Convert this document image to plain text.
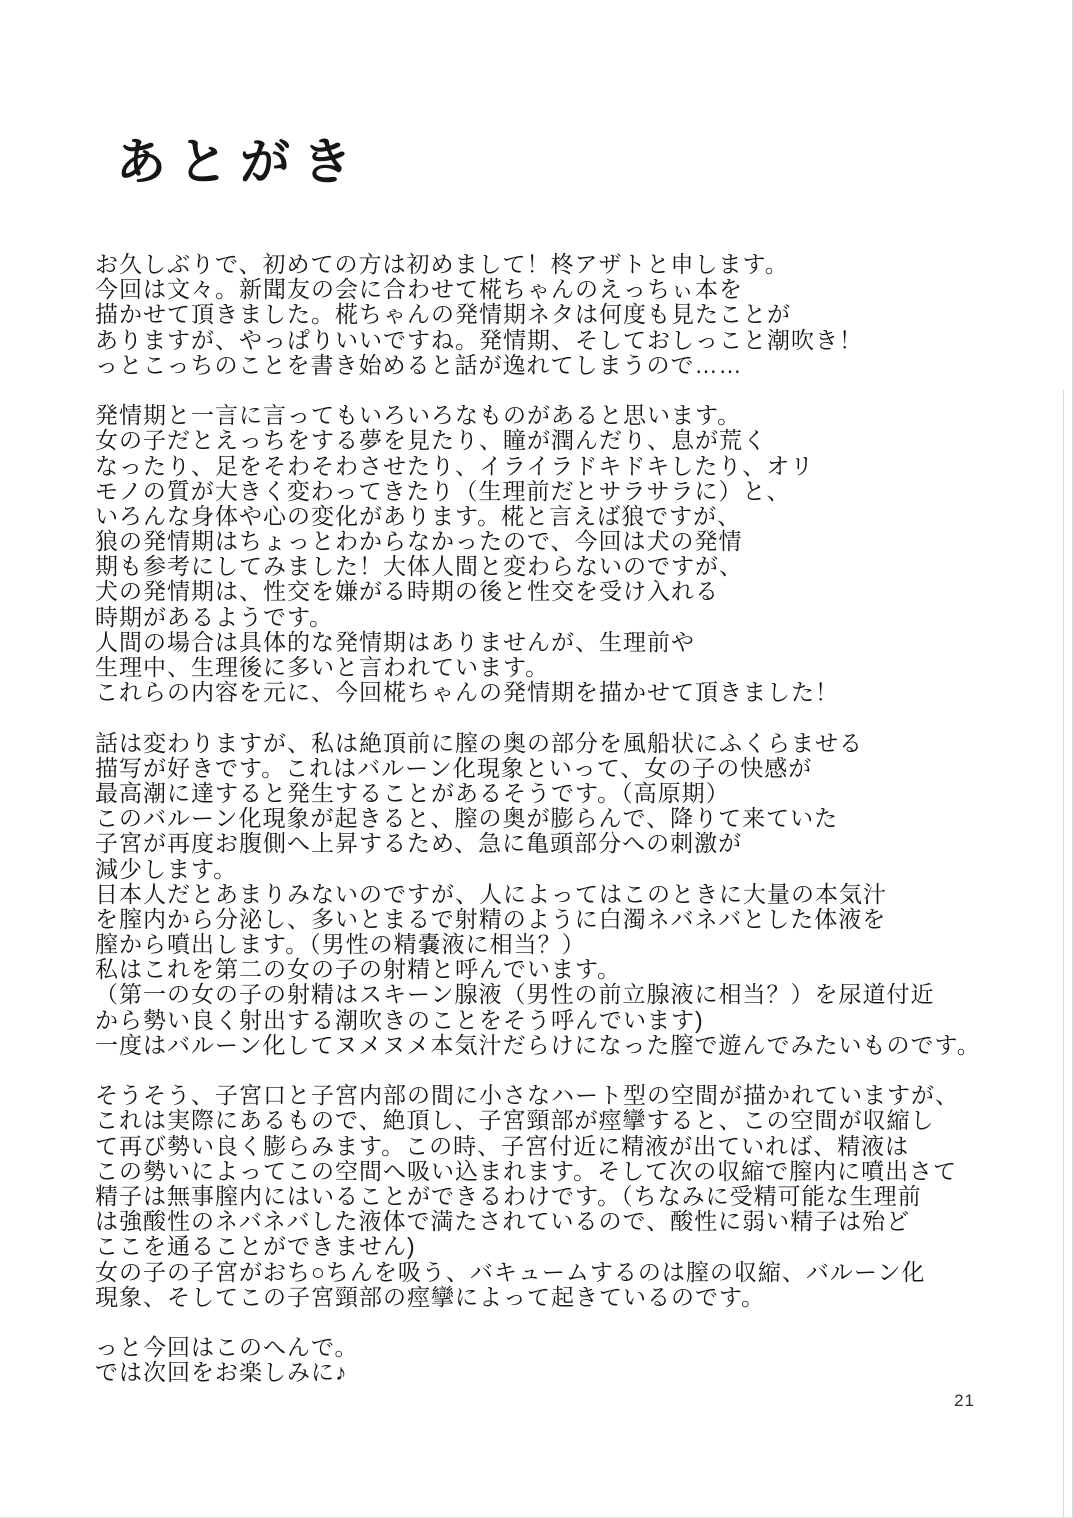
あとがき
お久しぶりで、初めての方は初めまして！柊アザトと申します。
今回は文々。新聞友の会に合わせて椛ちゃんのえっちぃ本を
描かせて頂きました。椛ちゃんの発情期ネタは何度も見たことが
ありますが、やっぱりいいですね。発情期、そしておしっこと潮吹き！
っとこっちのことを書き始めると話が逸れてしまうので……
発情期と一言に言ってもいろいろなものがあると思います。
女の子だとえっちをする夢を見たり、瞳が潤んだり、息が荒く
なったり、足をそわそわさせたり、イライラドキドキしたり、オリ
モノの質が大きく変わってきたり（生理前だとサラサラに）と、
いろんな身体や心の変化があります。椛と言えば狼ですが、
狼の発情期はちょっとわからなかったので、今回は犬の発情
期も参考にしてみました！大体人間と変わらないのですが、
犬の発情期は、性交を嫌がる時期の後と性交を受け入れる
時期があるようです。
人間の場合は具体的な発情期はありませんが、生理前や
生理中、生理後に多いと言われています。
これらの内容を元に、今回椛ちゃんの発情期を描かせて頂きました！
話は変わりますが、私は絶頂前に膣の奥の部分を風船状にふくらませる
描写が好きです。これはバルーン化現象といって、女の子の快感が
最高潮に達すると発生することがあるそうです。（高原期）
このバルーン化現象が起きると、膣の奥が膨らんで、降りて来ていた
子宮が再度お腹側へ上昇するため、急に亀頭部分への刺激が
減少します。
日本人だとあまりみないのですが、人によってはこのときに大量の本気汁
を膣内から分泌し、多いとまるで射精のように白濁ネバネバとした体液を
膣から噴出します。（男性の精嚢液に相当？）
私はこれを第二の女の子の射精と呼んでいます。
（第一の女の子の射精はスキーン腺液（男性の前立腺液に相当？）を尿道付近
から勢い良く射出する潮吹きのことをそう呼んでいます)
一度はバルーン化してヌメヌメ本気汁だらけになった膣で遊んでみたいものです。
そうそう、子宮口と子宮内部の間に小さなハート型の空間が描かれていますが、
これは実際にあるもので、絶頂し、子宮頸部が痙攣すると、この空間が収縮し
て再び勢い良く膨らみます。この時、子宮付近に精液が出ていれば、精液は
この勢いによってこの空間へ吸い込まれます。そして次の収縮で膣内に噴出さて
精子は無事膣内にはいることができるわけです。（ちなみに受精可能な生理前
は強酸性のネバネバした液体で満たされているので、酸性に弱い精子は殆ど
ここを通ることができません)
女の子の子宮がおち○ちんを吸う、バキュームするのは膣の収縮、バルーン化
現象、そしてこの子宮頸部の痙攣によって起きているのです。
っと今回はこのへんで。
では次回をお楽しみに♪
21
